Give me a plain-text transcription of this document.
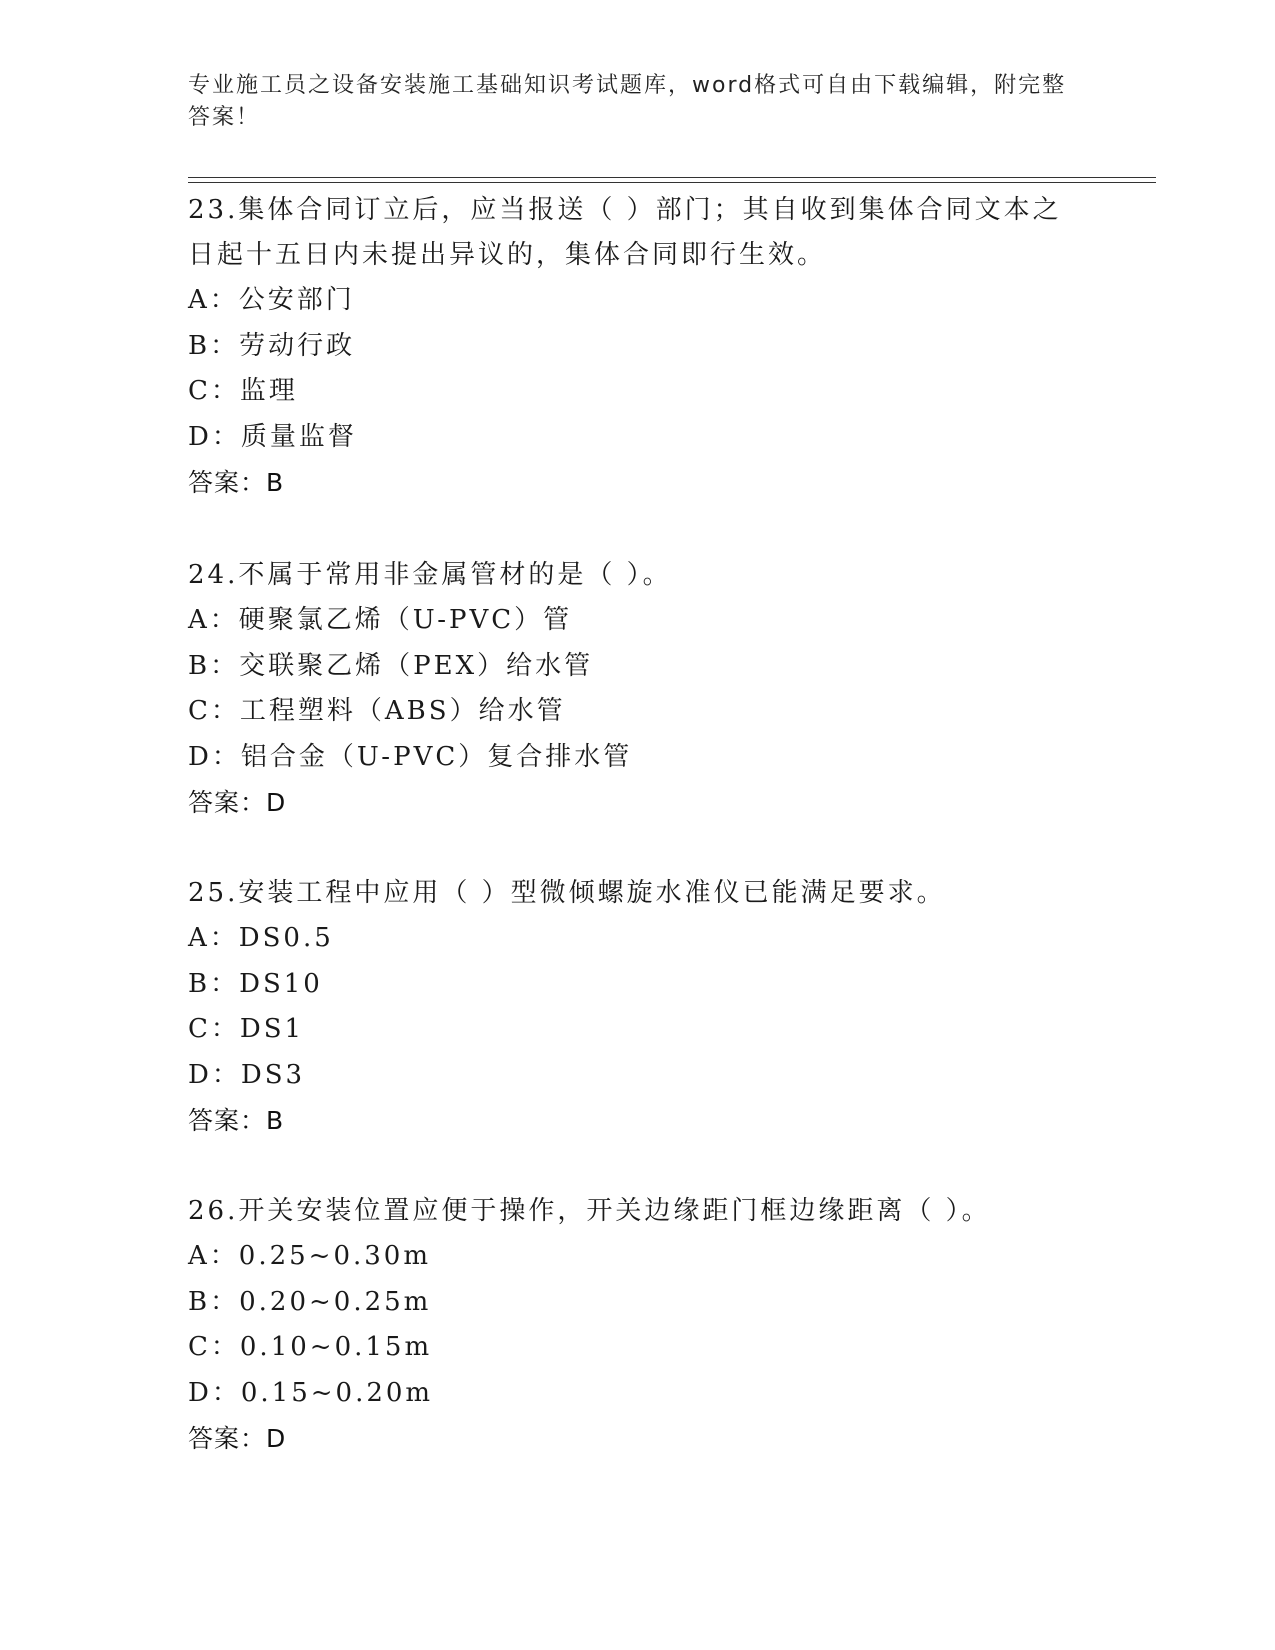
专业施工员之设备安装施工基础知识考试题库，word格式可自由下载编辑，附完整答案！

23.集体合同订立后，应当报送（ ）部门；其自收到集体合同文本之日起十五日内未提出异议的，集体合同即行生效。

A：公安部门

B：劳动行政

C：监理

D：质量监督

答案：B

24.不属于常用非金属管材的是（ ）。

A：硬聚氯乙烯（U-PVC）管

B：交联聚乙烯（PEX）给水管

C：工程塑料（ABS）给水管

D：铝合金（U-PVC）复合排水管

答案：D

25.安装工程中应用（ ）型微倾螺旋水准仪已能满足要求。

A：DS0.5

B：DS10

C：DS1

D：DS3

答案：B

26.开关安装位置应便于操作，开关边缘距门框边缘距离（ ）。

A：0.25~0.30m

B：0.20~0.25m

C：0.10~0.15m

D：0.15~0.20m

答案：D
